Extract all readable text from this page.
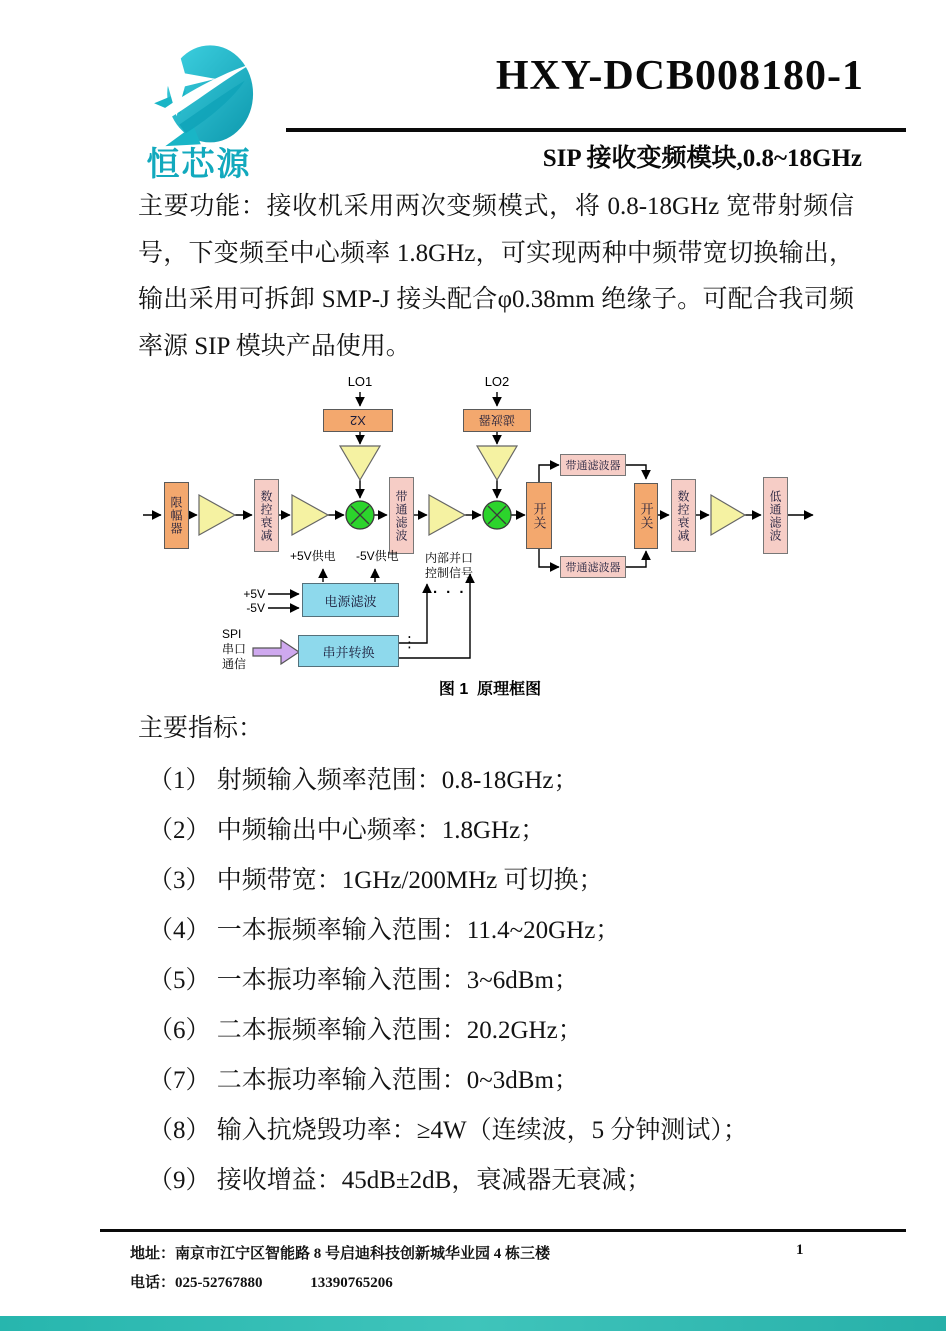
恒芯源
HXY-DCB008180-1
SIP 接收变频模块,0.8~18GHz
主要功能：接收机采用两次变频模式，将 0.8-18GHz 宽带射频信号，下变频至中心频率 1.8GHz，可实现两种中频带宽切换输出，输出采用可拆卸 SMP-J 接头配合φ0.38mm 绝缘子。可配合我司频率源 SIP 模块产品使用。
LO1	LO2
X2	滤波器
限幅器	数控衰减	带通滤波	开关
带通滤波器
带通滤波器
开关 数控衰减	低通滤波
电源滤波
串并转换
+5V供电 -5V供电
+5V
-5V
内部并口
控制信号
· · ·
⋮
SPI
串口
通信
图 1  原理框图
主要指标：
（1） 射频输入频率范围：0.8-18GHz；
（2） 中频输出中心频率：1.8GHz；
（3） 中频带宽：1GHz/200MHz 可切换；
（4） 一本振频率输入范围：11.4~20GHz；
（5） 一本振功率输入范围：3~6dBm；
（6） 二本振频率输入范围：20.2GHz；
（7） 二本振功率输入范围：0~3dBm；
（8） 输入抗烧毁功率：≥4W（连续波，5 分钟测试）；
（9） 接收增益：45dB±2dB，衰减器无衰减；
地址：南京市江宁区智能路 8 号启迪科技创新城华业园 4 栋三楼	1
电话：025-52767880	13390765206
